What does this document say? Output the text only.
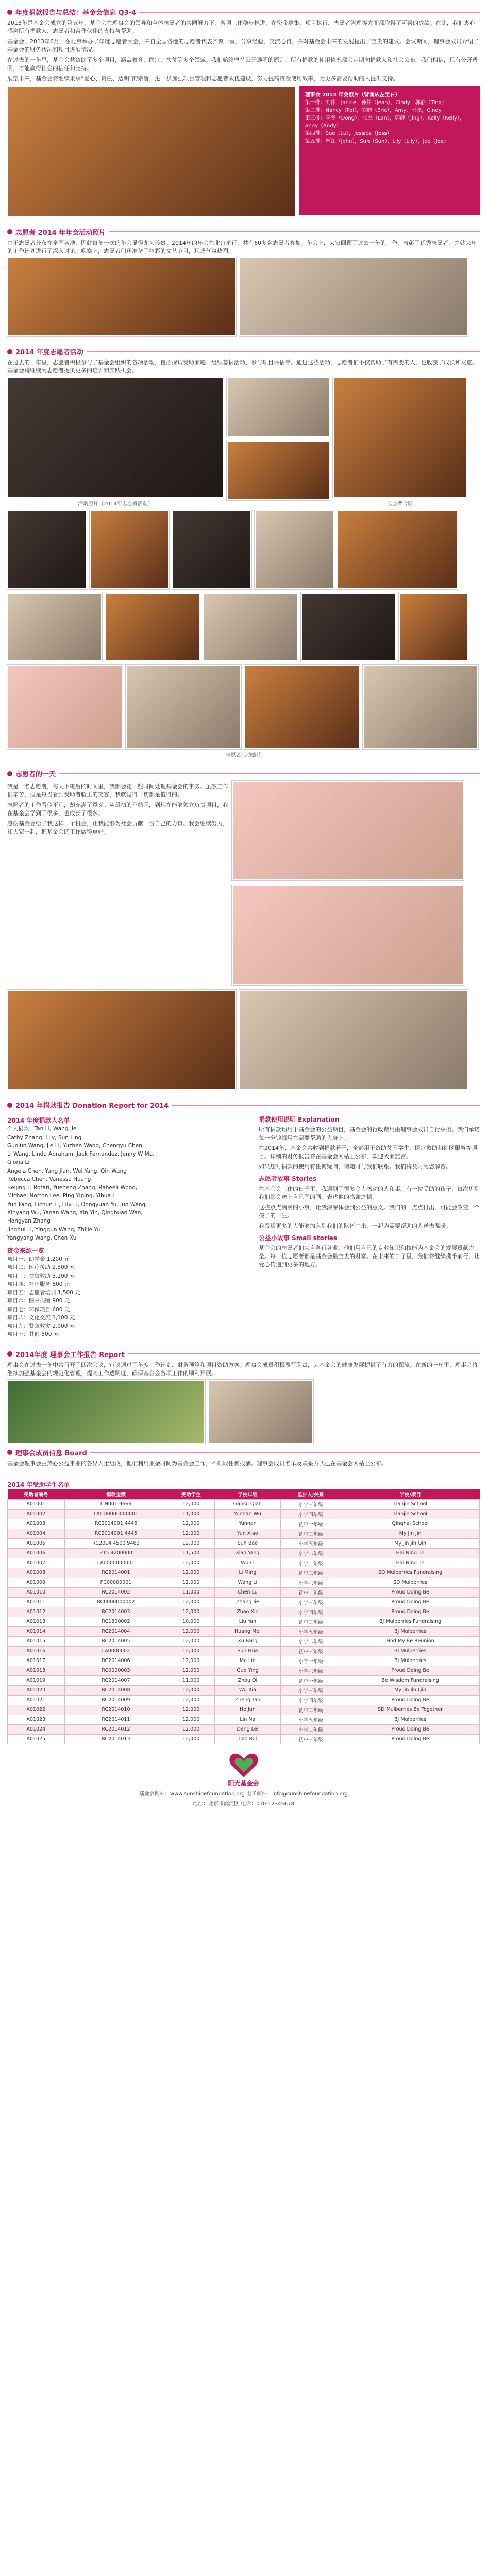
年度捐款报告与总结：基金会信息 Q3-4

2013年是基金会成立的第五年，基金会在理事会的领导和全体志愿者的共同努力下，各项工作稳步推进，在资金募集、项目执行、志愿者管理等方面都取得了可喜的成绩。在此，我们衷心感谢所有捐款人、志愿者和合作伙伴的支持与帮助。

基金会于2013年6月，在北京举办了年度志愿者大会，来自全国各地的志愿者代表齐聚一堂，分享经验，交流心得，并对基金会未来的发展提出了宝贵的建议。会议期间，理事会成员介绍了基金会的财务状况和项目进展情况。

在过去的一年里，基金会共资助了多个项目，涵盖教育、医疗、扶贫等多个领域。我们始终坚持公开透明的原则，所有捐款的使用情况都会定期向捐款人和社会公布。我们相信，只有公开透明，才能赢得社会的信任和支持。

展望未来，基金会将继续秉承“爱心、责任、透明”的宗旨，进一步加强项目管理和志愿者队伍建设，努力提高资金使用效率，为更多需要帮助的人提供支持。

理事会 2013 年会照片（背面从左至右）
第一排：刘伟，Jackie，孙伟（Jean），Cindy，郭静（Tina）
第二排：Nancy（Fei），刘鹏（Eric），Amy，王亮，Cindy
第三排：李冬（Dong），张兰（Lan），郭静（Jing），Kelly（Kelly），Andy（Andy）
第四排：Sue（Lu），Jessica（Jess）
第五排：林江（John），Sun（Sun），Lily（Lily），Joe（Joe）
志愿者 2014 年年会活动照片

由于志愿者分布在全国各地，因此每年一次的年会显得尤为珍贵。2014年的年会在北京举行，共有60多名志愿者参加。年会上，大家回顾了过去一年的工作，表彰了优秀志愿者，并就来年的工作计划进行了深入讨论。晚宴上，志愿者们还准备了精彩的文艺节目，现场气氛热烈。

2014 年度志愿者活动

在过去的一年里，志愿者积极参与了基金会组织的各项活动，包括探访受助家庭、组织募捐活动、参与项目评估等。通过这些活动，志愿者们不仅帮助了有需要的人，也收获了成长和友谊。基金会将继续为志愿者提供更多的培训和实践机会。

活动照片（2014年志愿者活动）
	志愿者合影
志愿者活动照片
志愿者的一天

我是一名志愿者，每天下班后的时间里，我都会花一些时间处理基金会的事务。虽然工作很辛苦，但是每当看到受助者脸上的笑容，我就觉得一切都是值得的。

志愿者的工作看似平凡，却充满了意义。从最初的不熟悉，到现在能够独立负责项目，我在基金会学到了很多，也成长了很多。

感谢基金会给了我这样一个机会，让我能够为社会贡献一份自己的力量。我会继续努力，和大家一起，把基金会的工作做得更好。

2014 年捐款报告 Donation Report for 2014
2014 年度捐款人名单
个人捐款：Tan Li, Wang Jie
Cathy Zhang, Lily, Sun Ling
Guojun Wang, Jie Li, Yuzhen Wang, Chengyu Chen,
Li Wang, Linda Abraham, Jack Fernández, Jenny W Ma,
Gloria Li
Angela Chen, Yang Jian, Wei Yang, Qin Wang
Rebecca Chen, Vanessa Huang
Beijing Li Rotari, Yueheng Zhang, Raheeli Wood,
Michael Norton Lee, Ping Yiping, Yihua Li
Yun Fang, Lichun Li, Lily Li, Dongyuan Yu, Jun Wang,
Xinyang Wu, Yanan Wang, Xin Yin, Qinghuan Wan,
Hongyan Zhang
Jinghui Li, Yingqun Wang, Zhijie Yu
Yangyang Wang, Chen Xu
资金来源一览
项目一：助学金 1,200 元
项目二：医疗援助 2,500 元
项目三：扶贫救助 3,100 元
项目四：社区服务 800 元
项目五：志愿者培训 1,500 元
项目六：图书捐赠 900 元
项目七：环保项目 600 元
项目八：文化交流 1,100 元
项目九：紧急救灾 2,000 元
项目十：其他 500 元
捐款使用说明 Explanation

所有捐款均用于基金会的公益项目，基金会的行政费用由理事会成员自行承担。我们承诺每一分钱都用在需要帮助的人身上。

在2014年，基金会共收到捐款若干，全部用于资助贫困学生、医疗救助和社区服务等项目。详细的财务报告将在基金会网站上公布，欢迎大家监督。

如果您对捐款的使用有任何疑问，请随时与我们联系。我们将及时为您解答。

志愿者故事 Stories

在基金会工作的日子里，我遇到了很多令人感动的人和事。有一位受助的孩子，每次见到我们都会送上自己画的画，表达他的感谢之情。

这些点点滴滴的小事，让我深深体会到公益的意义。我们的一点点付出，可能会改变一个孩子的一生。

我希望更多的人能够加入到我们的队伍中来，一起为需要帮助的人送去温暖。

公益小故事 Small stories

基金会的志愿者们来自各行各业，他们用自己的专业知识和技能为基金会的发展贡献力量。每一位志愿者都是基金会最宝贵的财富。在未来的日子里，我们将继续携手前行，让爱心传递到更多的地方。

2014年度 理事会工作报告 Report

理事会在过去一年中共召开了四次会议，审议通过了年度工作计划、财务预算和项目资助方案。理事会成员积极履行职责，为基金会的健康发展提供了有力的保障。在新的一年里，理事会将继续加强基金会的规范化管理，提高工作透明度，确保基金会各项工作的顺利开展。

理事会成员信息 Board

基金会理事会由热心公益事业的各界人士组成，他们利用业余时间为基金会工作，不领取任何报酬。理事会成员名单及联系方式已在基金会网站上公布。

2014 年受助学生名单
受助者编号	捐款金额	受助学生	学校年级	监护人/关系	学校/项目
A01001	LIN001 9666	12,000	Gansu Qian	小学三年级	Tianjin School
A01002	LACO0000000001	11,000	Yunnan Wu	小学四年级	Tianjin School
A01003	RC2014001 4446	12,000	Yunnan	初中一年级	Qinghai School
A01004	RC2014001 4445	12,000	Yun Xiao	初中二年级	My Jin Jin
A01005	RC2014 4500 9462	12,000	Sun Bao	小学五年级	My Jin Jin Qin
A01006	Z15 4200000	11,500	Xiao Yang	小学二年级	Hai Ning Jin
A01007	LA0000000001	12,000	Wu Li	小学一年级	Hai Ning Jin
A01008	RC2014001	12,000	Li Ming	初中三年级	SD Mulberries Fundraising
A01009	PC00000001	12,000	Wang Li	小学六年级	SD Mulberries
A01010	RC2014002	11,000	Chen Lu	初中一年级	Proud Doing Be
A01011	RC0000000002	12,000	Zhang Jie	小学三年级	Proud Doing Be
A01012	RC2014003	12,000	Zhao Xin	小学四年级	Proud Doing Be
A01013	RC1300002	10,000	Liu Yan	初中二年级	BJ Mulberries Fundraising
A01014	RC2014004	12,000	Huang Mei	小学五年级	BJ Mulberries
A01015	RC2014005	12,000	Xu Fang	小学二年级	Find My Be Reunion
A01016	LA0000002	12,000	Sun Hua	初中三年级	BJ Mulberries
A01017	RC2014006	12,000	Ma Lin	小学一年级	BJ Mulberries
A01018	RC0000003	12,000	Guo Ying	小学六年级	Proud Doing Be
A01019	RC2014007	11,000	Zhou Qi	初中一年级	Be Wisdom Fundraising
A01020	RC2014008	12,000	Wu Xia	小学三年级	My Jin Jin Qin
A01021	RC2014009	12,000	Zheng Tao	小学四年级	Proud Doing Be
A01022	RC2014010	12,000	He Jun	初中二年级	SD Mulberries Be Together
A01023	RC2014011	12,000	Lin Na	小学五年级	BJ Mulberries
A01024	RC2014012	12,000	Deng Lei	小学二年级	Proud Doing Be
A01025	RC2014013	12,000	Cao Rui	初中三年级	Proud Doing Be
阳光基金会
基金会网站：www.sunshinefoundation.org 电子邮件：info@sunshinefoundation.org
地址：北京市海淀区 电话：010-12345678
